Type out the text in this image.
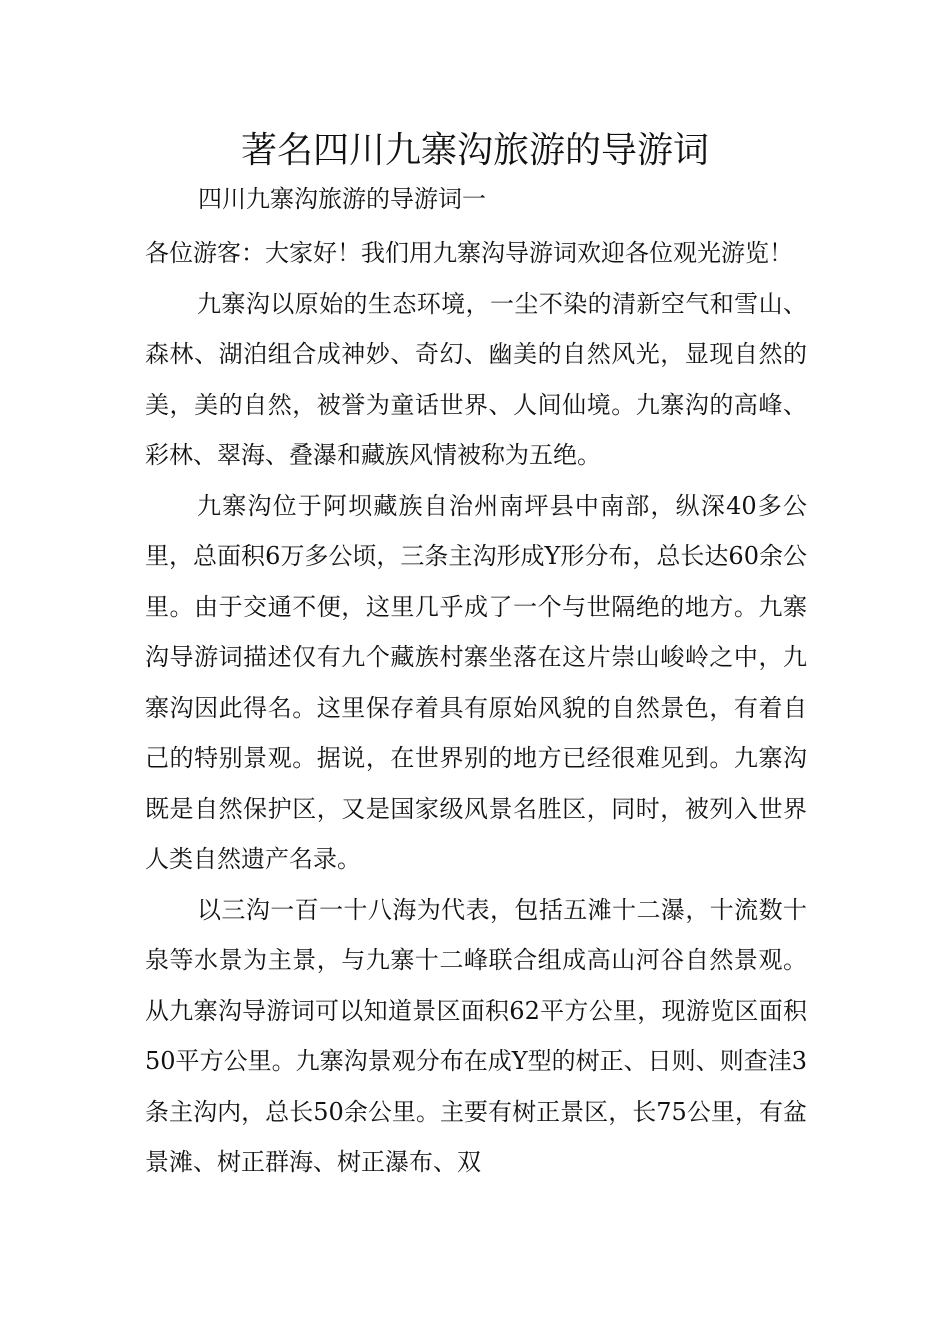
著名四川九寨沟旅游的导游词
四川九寨沟旅游的导游词一

各位游客：大家好！我们用九寨沟导游词欢迎各位观光游览！

九寨沟以原始的生态环境，一尘不染的清新空气和雪山、森林、湖泊组合成神妙、奇幻、幽美的自然风光，显现自然的美，美的自然，被誉为童话世界、人间仙境。九寨沟的高峰、彩林、翠海、叠瀑和藏族风情被称为五绝。

九寨沟位于阿坝藏族自治州南坪县中南部，纵深40多公里，总面积6万多公顷，三条主沟形成Y形分布，总长达60余公里。由于交通不便，这里几乎成了一个与世隔绝的地方。九寨沟导游词描述仅有九个藏族村寨坐落在这片崇山峻岭之中，九寨沟因此得名。这里保存着具有原始风貌的自然景色，有着自己的特别景观。据说，在世界别的地方已经很难见到。九寨沟既是自然保护区，又是国家级风景名胜区，同时，被列入世界人类自然遗产名录。

以三沟一百一十八海为代表，包括五滩十二瀑，十流数十泉等水景为主景，与九寨十二峰联合组成高山河谷自然景观。从九寨沟导游词可以知道景区面积62平方公里，现游览区面积50平方公里。九寨沟景观分布在成Y型的树正、日则、则查洼3条主沟内，总长50余公里。主要有树正景区，长75公里，有盆景滩、树正群海、树正瀑布、双
